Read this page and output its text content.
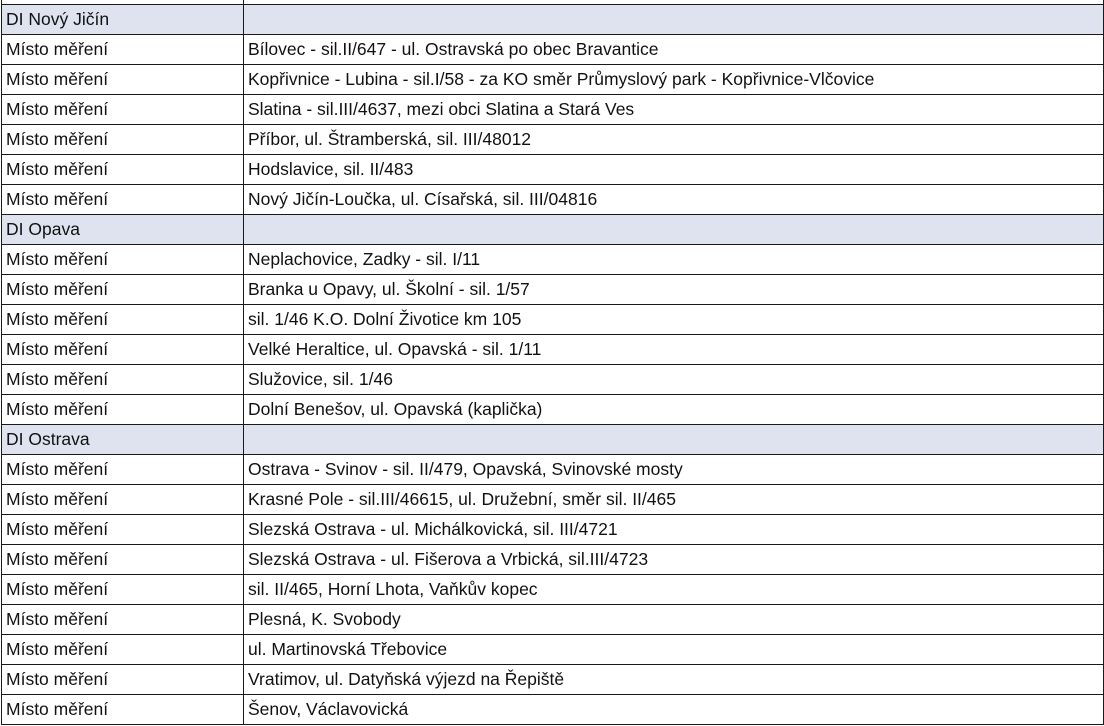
DI Nový Jičín	
Místo měření	Bílovec - sil.II/647 - ul. Ostravská po obec Bravantice
Místo měření	Kopřivnice - Lubina - sil.I/58 - za KO směr Průmyslový park - Kopřivnice-Vlčovice
Místo měření	Slatina - sil.III/4637, mezi obci Slatina a Stará Ves
Místo měření	Příbor, ul. Štramberská, sil. III/48012
Místo měření	Hodslavice, sil. II/483
Místo měření	Nový Jičín-Loučka, ul. Císařská, sil. III/04816
DI Opava	
Místo měření	Neplachovice, Zadky - sil. I/11
Místo měření	Branka u Opavy, ul. Školní - sil. 1/57
Místo měření	sil. 1/46 K.O. Dolní Životice km 105
Místo měření	Velké Heraltice, ul. Opavská - sil. 1/11
Místo měření	Služovice, sil. 1/46
Místo měření	Dolní Benešov, ul. Opavská (kaplička)
DI Ostrava	
Místo měření	Ostrava - Svinov - sil. II/479, Opavská, Svinovské mosty
Místo měření	Krasné Pole - sil.III/46615, ul. Družební, směr sil. II/465
Místo měření	Slezská Ostrava - ul. Michálkovická, sil. III/4721
Místo měření	Slezská Ostrava - ul. Fišerova a Vrbická, sil.III/4723
Místo měření	sil. II/465, Horní Lhota, Vaňkův kopec
Místo měření	Plesná, K. Svobody
Místo měření	ul. Martinovská Třebovice
Místo měření	Vratimov, ul. Datyňská výjezd na Řepiště
Místo měření	Šenov, Václavovická
